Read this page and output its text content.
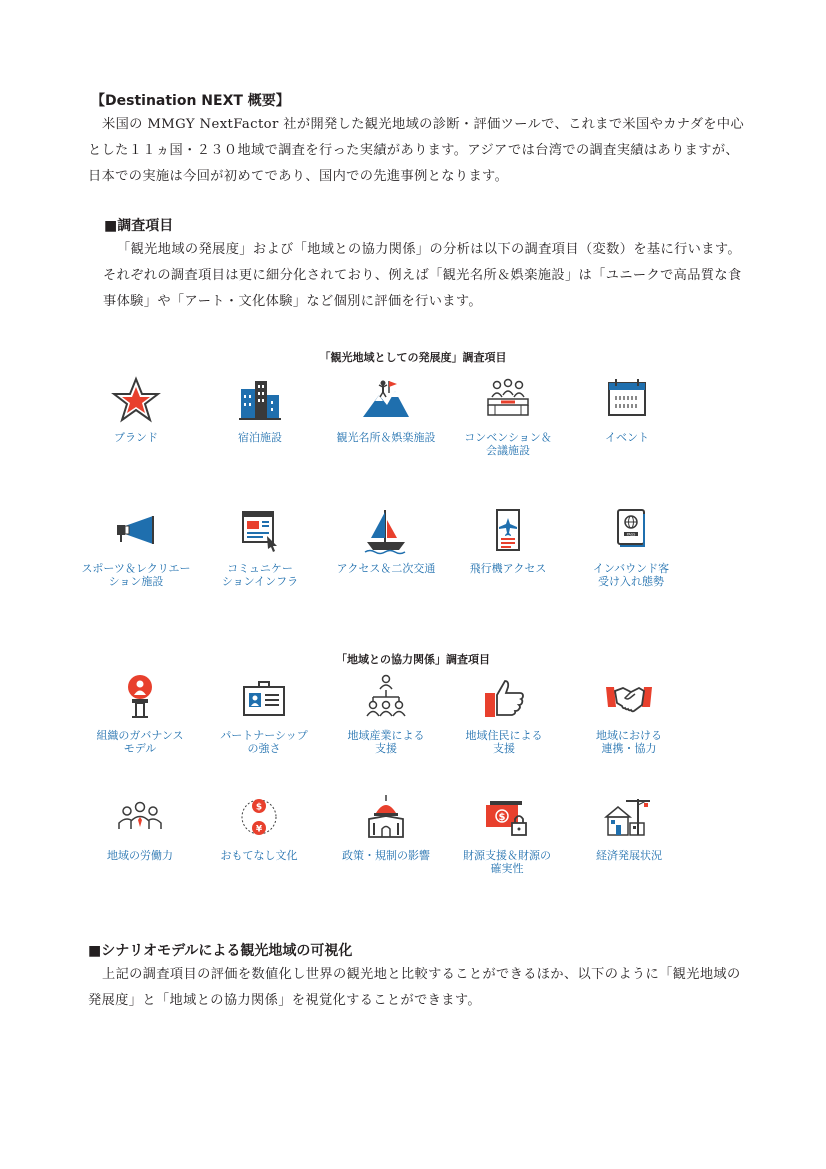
【Destination NEXT 概要】
米国の MMGY NextFactor 社が開発した観光地域の診断・評価ツールで、これまで米国やカナダを中心とした１１ヵ国・２３０地域で調査を行った実績があります。アジアでは台湾での調査実績はありますが、日本での実施は今回が初めてであり、国内での先進事例となります。
■調査項目
「観光地域の発展度」および「地域との協力関係」の分析は以下の調査項目（変数）を基に行います。それぞれの調査項目は更に細分化されており、例えば「観光名所＆娯楽施設」は「ユニークで高品質な食事体験」や「アート・文化体験」など個別に評価を行います。
「観光地域としての発展度」調査項目
ブランド	宿泊施設	観光名所＆娯楽施設	コンベンション＆
会議施設
イベント
スポーツ＆レクリエー
ション施設
コミュニケー
ションインフラ
アクセス＆二次交通	飛行機アクセス
PASS
インバウンド客
受け入れ態勢
「地域との協力関係」調査項目
組織のガバナンス
モデル
パートナーシップ
の強さ
地域産業による
支援
地域住民による
支援
地域における
連携・協力
地域の労働力
$
¥
おもてなし文化	政策・規制の影響
$
財源支援＆財源の
確実性
経済発展状況
■シナリオモデルによる観光地域の可視化
上記の調査項目の評価を数値化し世界の観光地と比較することができるほか、以下のように「観光地域の発展度」と「地域との協力関係」を視覚化することができます。
